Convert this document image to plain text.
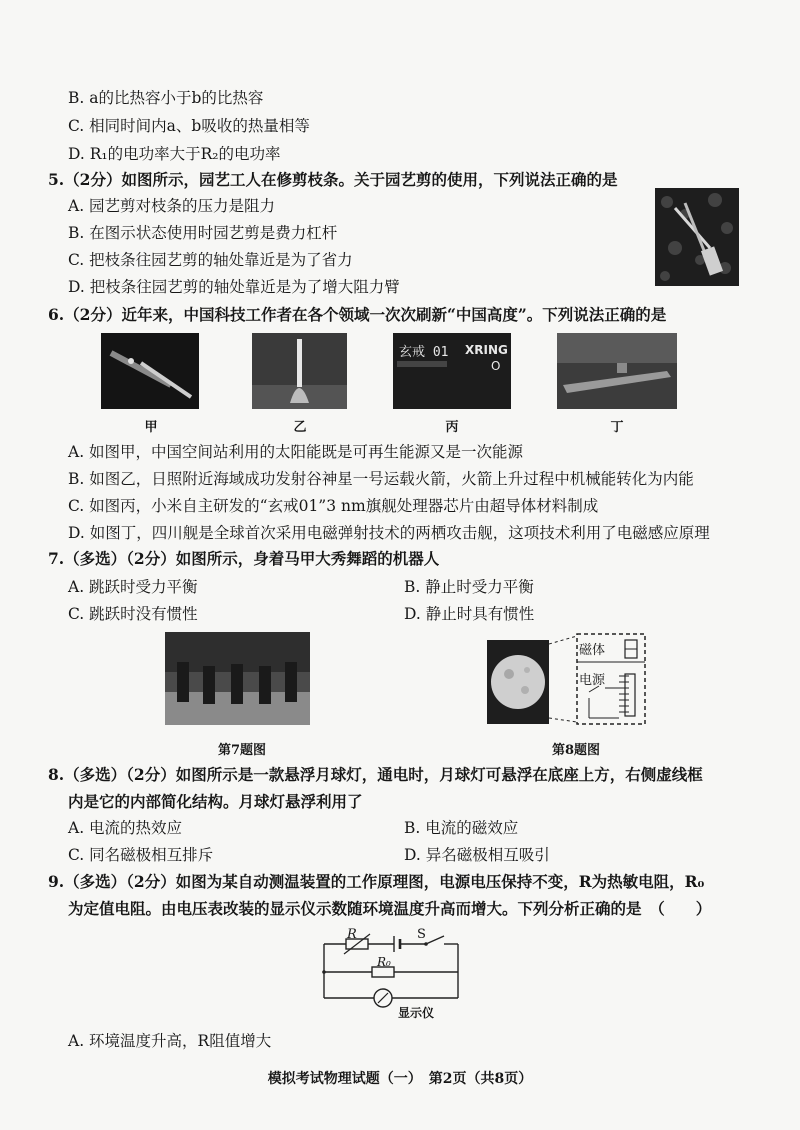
B. a的比热容小于b的比热容
C. 相同时间内a、b吸收的热量相等
D. R₁的电功率大于R₂的电功率
5.（2分）如图所示，园艺工人在修剪枝条。关于园艺剪的使用，下列说法正确的是
A. 园艺剪对枝条的压力是阻力
B. 在图示状态使用时园艺剪是费力杠杆
C. 把枝条往园艺剪的轴处靠近是为了省力
D. 把枝条往园艺剪的轴处靠近是为了增大阻力臂
6.（2分）近年来，中国科技工作者在各个领域一次次刷新“中国高度”。下列说法正确的是
玄戒 01 XRING
O
甲	乙	丙	丁
A. 如图甲，中国空间站利用的太阳能既是可再生能源又是一次能源
B. 如图乙，日照附近海域成功发射谷神星一号运载火箭，火箭上升过程中机械能转化为内能
C. 如图丙，小米自主研发的“玄戒01”3 nm旗舰处理器芯片由超导体材料制成
D. 如图丁，四川舰是全球首次采用电磁弹射技术的两栖攻击舰，这项技术利用了电磁感应原理
7.（多选）（2分）如图所示，身着马甲大秀舞蹈的机器人
A. 跳跃时受力平衡	B. 静止时受力平衡
C. 跳跃时没有惯性	D. 静止时具有惯性
第7题图
磁体
电源
第8题图
8.（多选）（2分）如图所示是一款悬浮月球灯，通电时，月球灯可悬浮在底座上方，右侧虚线框
内是它的内部简化结构。月球灯悬浮利用了
A. 电流的热效应	B. 电流的磁效应
C. 同名磁极相互排斥	D. 异名磁极相互吸引
9.（多选）（2分）如图为某自动测温装置的工作原理图，电源电压保持不变，R为热敏电阻，R₀
为定值电阻。由电压表改装的显示仪示数随环境温度升高而增大。下列分析正确的是　（　　）
R	S
R₀
显示仪
A. 环境温度升高，R阻值增大
模拟考试物理试题（一）　第2页（共8页）
